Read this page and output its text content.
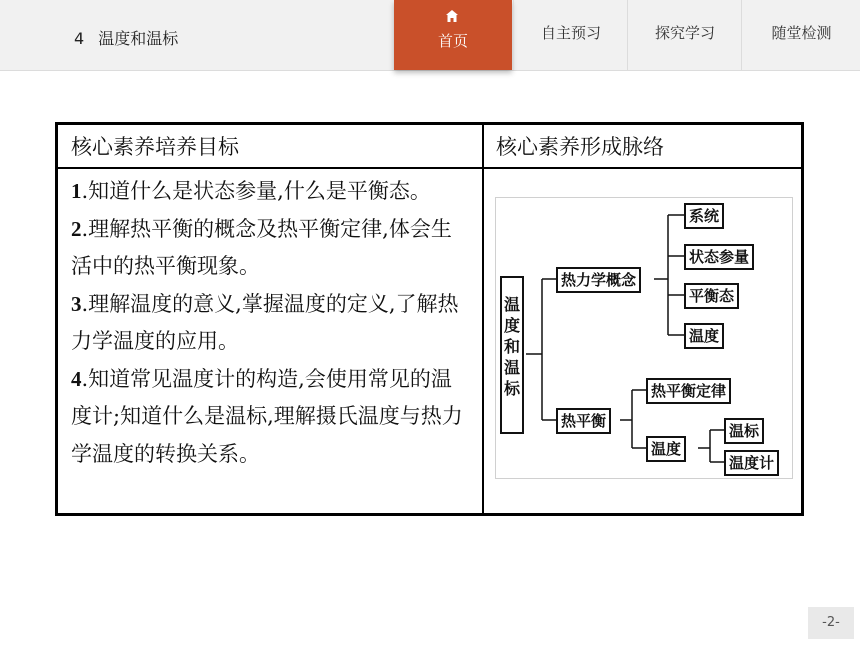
4 温度和温标	首页	自主预习	探究学习	随堂检测
核心素养培养目标	核心素养形成脉络
1.知道什么是状态参量,什么是平衡态。
2.理解热平衡的概念及热平衡定律,体会生活中的热平衡现象。
3.理解温度的意义,掌握温度的定义,了解热力学温度的应用。
4.知道常见温度计的构造,会使用常见的温度计;知道什么是温标,理解摄氏温度与热力学温度的转换关系。
温度和温标
热力学概念
系统
状态参量
平衡态
温度
热平衡
热平衡定律
温度
温标
温度计
-2-
